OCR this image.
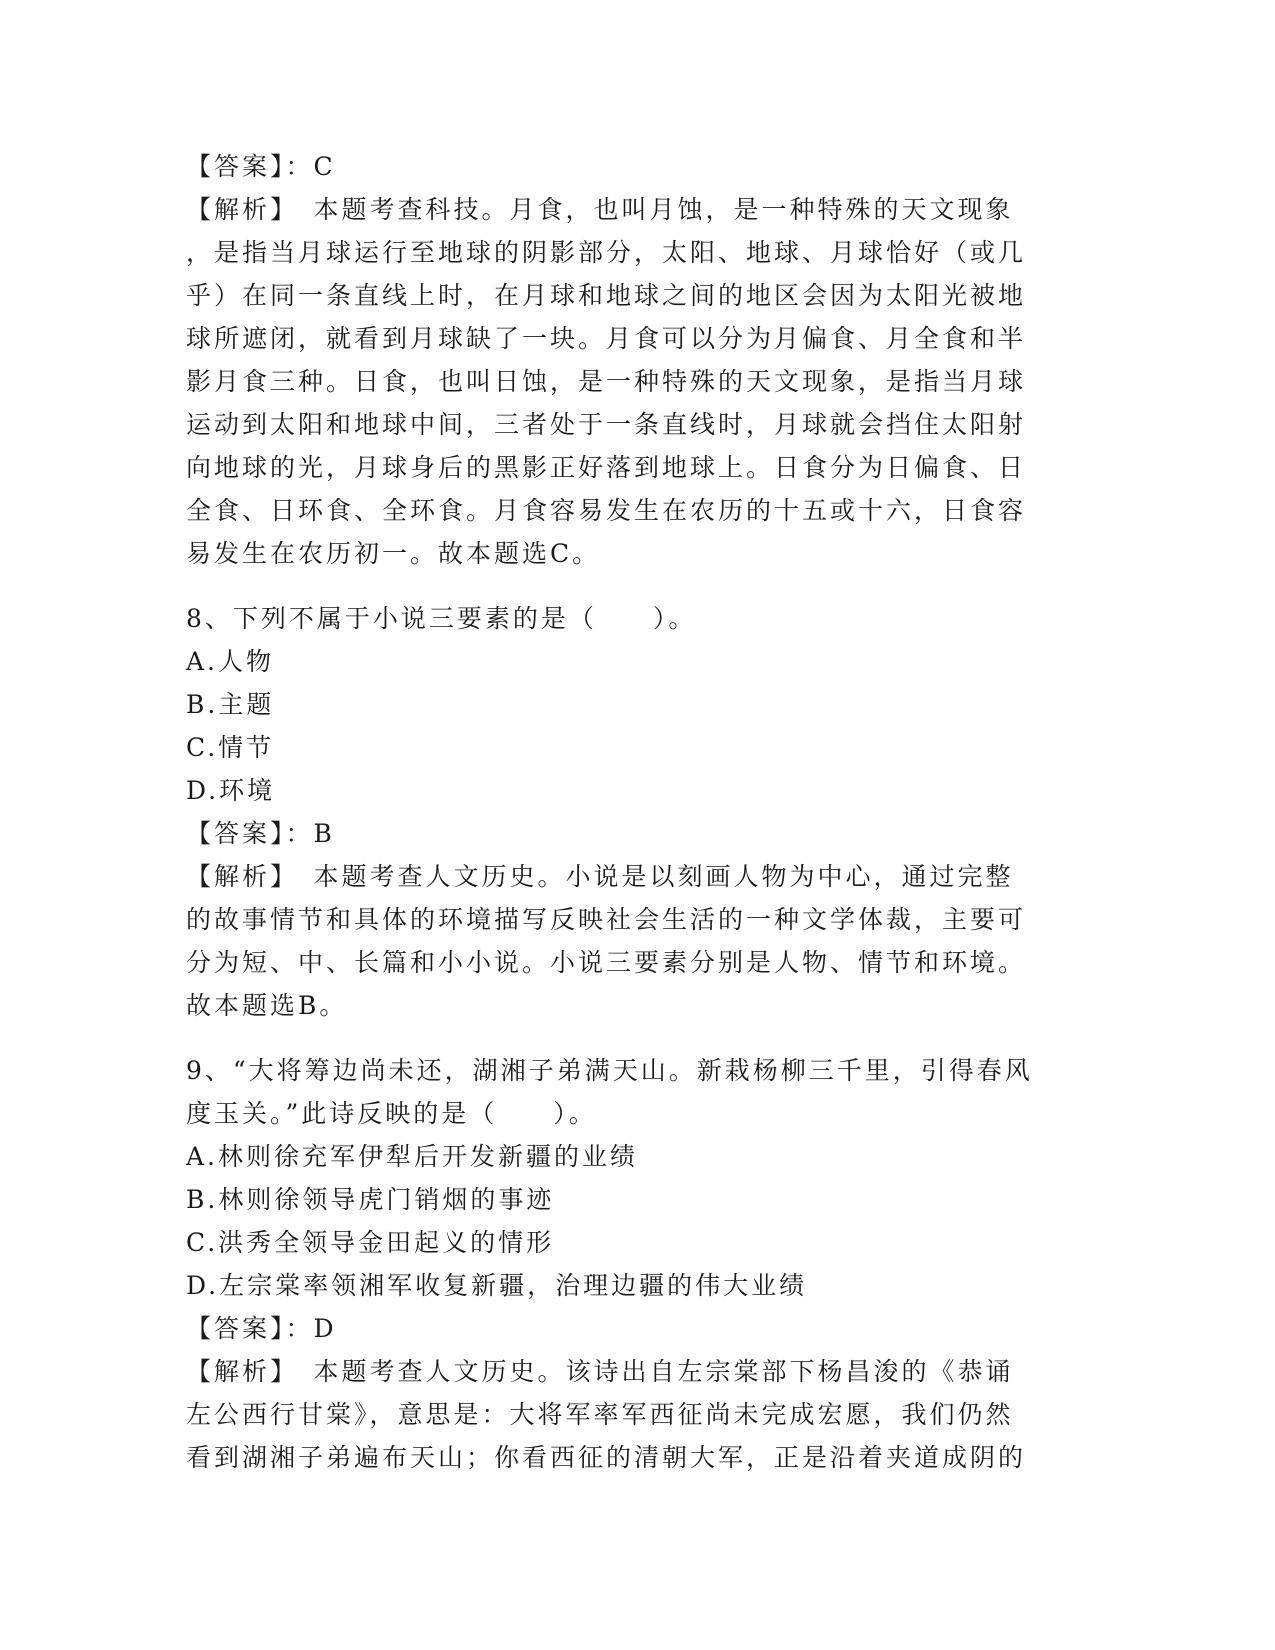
【答案】：C
【解析】　本题考查科技。月食，也叫月蚀，是一种特殊的天文现象
，是指当月球运行至地球的阴影部分，太阳、地球、月球恰好（或几
乎）在同一条直线上时，在月球和地球之间的地区会因为太阳光被地
球所遮闭，就看到月球缺了一块。月食可以分为月偏食、月全食和半
影月食三种。日食，也叫日蚀，是一种特殊的天文现象，是指当月球
运动到太阳和地球中间，三者处于一条直线时，月球就会挡住太阳射
向地球的光，月球身后的黑影正好落到地球上。日食分为日偏食、日
全食、日环食、全环食。月食容易发生在农历的十五或十六，日食容
易发生在农历初一。故本题选C。
8、下列不属于小说三要素的是（　　）。
A.人物
B.主题
C.情节
D.环境
【答案】：B
【解析】　本题考查人文历史。小说是以刻画人物为中心，通过完整
的故事情节和具体的环境描写反映社会生活的一种文学体裁，主要可
分为短、中、长篇和小小说。小说三要素分别是人物、情节和环境。
故本题选B。
9、“大将筹边尚未还，湖湘子弟满天山。新栽杨柳三千里，引得春风
度玉关。”此诗反映的是（　　）。
A.林则徐充军伊犁后开发新疆的业绩
B.林则徐领导虎门销烟的事迹
C.洪秀全领导金田起义的情形
D.左宗棠率领湘军收复新疆，治理边疆的伟大业绩
【答案】：D
【解析】　本题考查人文历史。该诗出自左宗棠部下杨昌浚的《恭诵
左公西行甘棠》，意思是：大将军率军西征尚未完成宏愿，我们仍然
看到湖湘子弟遍布天山；你看西征的清朝大军，正是沿着夹道成阴的
